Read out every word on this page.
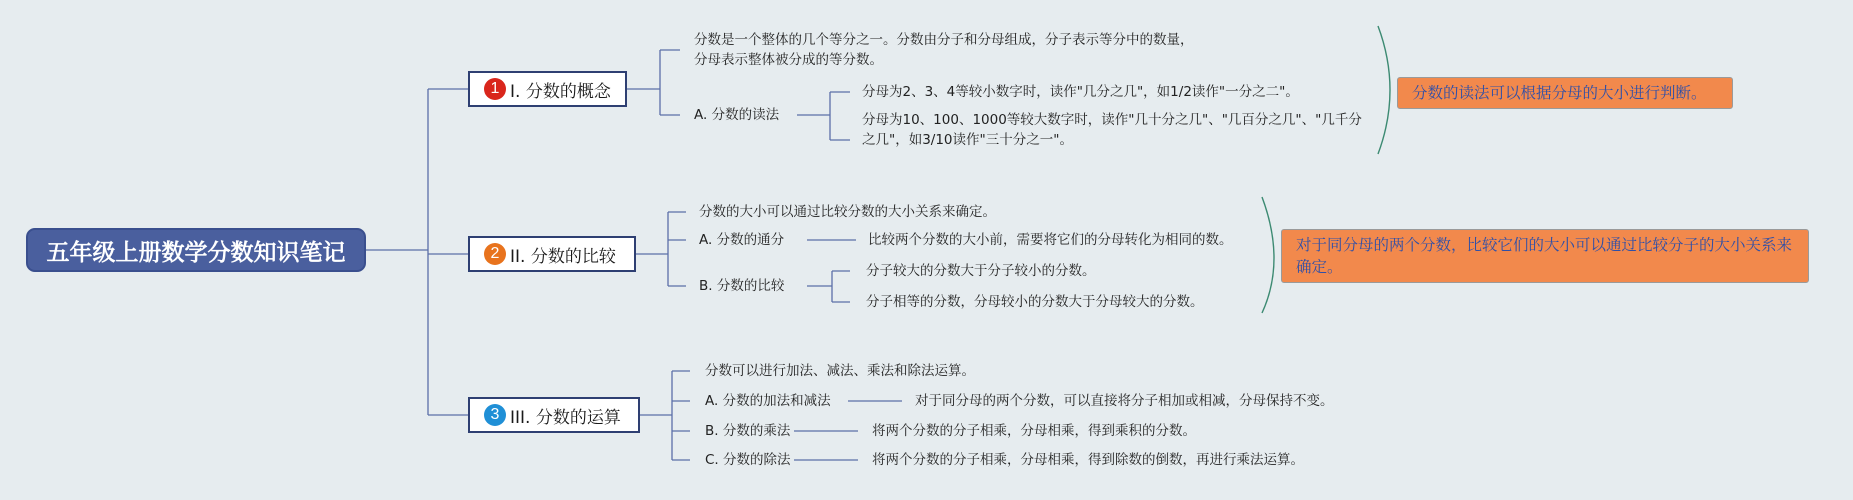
五年级上册数学分数知识笔记
1 I. 分数的概念
分数是一个整体的几个等分之一。分数由分子和分母组成，分子表示等分中的数量，分母表示整体被分成的等分数。
A. 分数的读法
分母为2、3、4等较小数字时，读作"几分之几"，如1/2读作"一分之二"。
分母为10、100、1000等较大数字时，读作"几十分之几"、"几百分之几"、"几千分之几"，如3/10读作"三十分之一"。
分数的读法可以根据分母的大小进行判断。
2 II. 分数的比较
分数的大小可以通过比较分数的大小关系来确定。
A. 分数的通分	比较两个分数的大小前，需要将它们的分母转化为相同的数。
B. 分数的比较
分子较大的分数大于分子较小的分数。
分子相等的分数，分母较小的分数大于分母较大的分数。
对于同分母的两个分数，比较它们的大小可以通过比较分子的大小关系来确定。
3 III. 分数的运算
分数可以进行加法、减法、乘法和除法运算。
A. 分数的加法和减法	对于同分母的两个分数，可以直接将分子相加或相减，分母保持不变。
B. 分数的乘法	将两个分数的分子相乘，分母相乘，得到乘积的分数。
C. 分数的除法	将两个分数的分子相乘，分母相乘，得到除数的倒数，再进行乘法运算。
